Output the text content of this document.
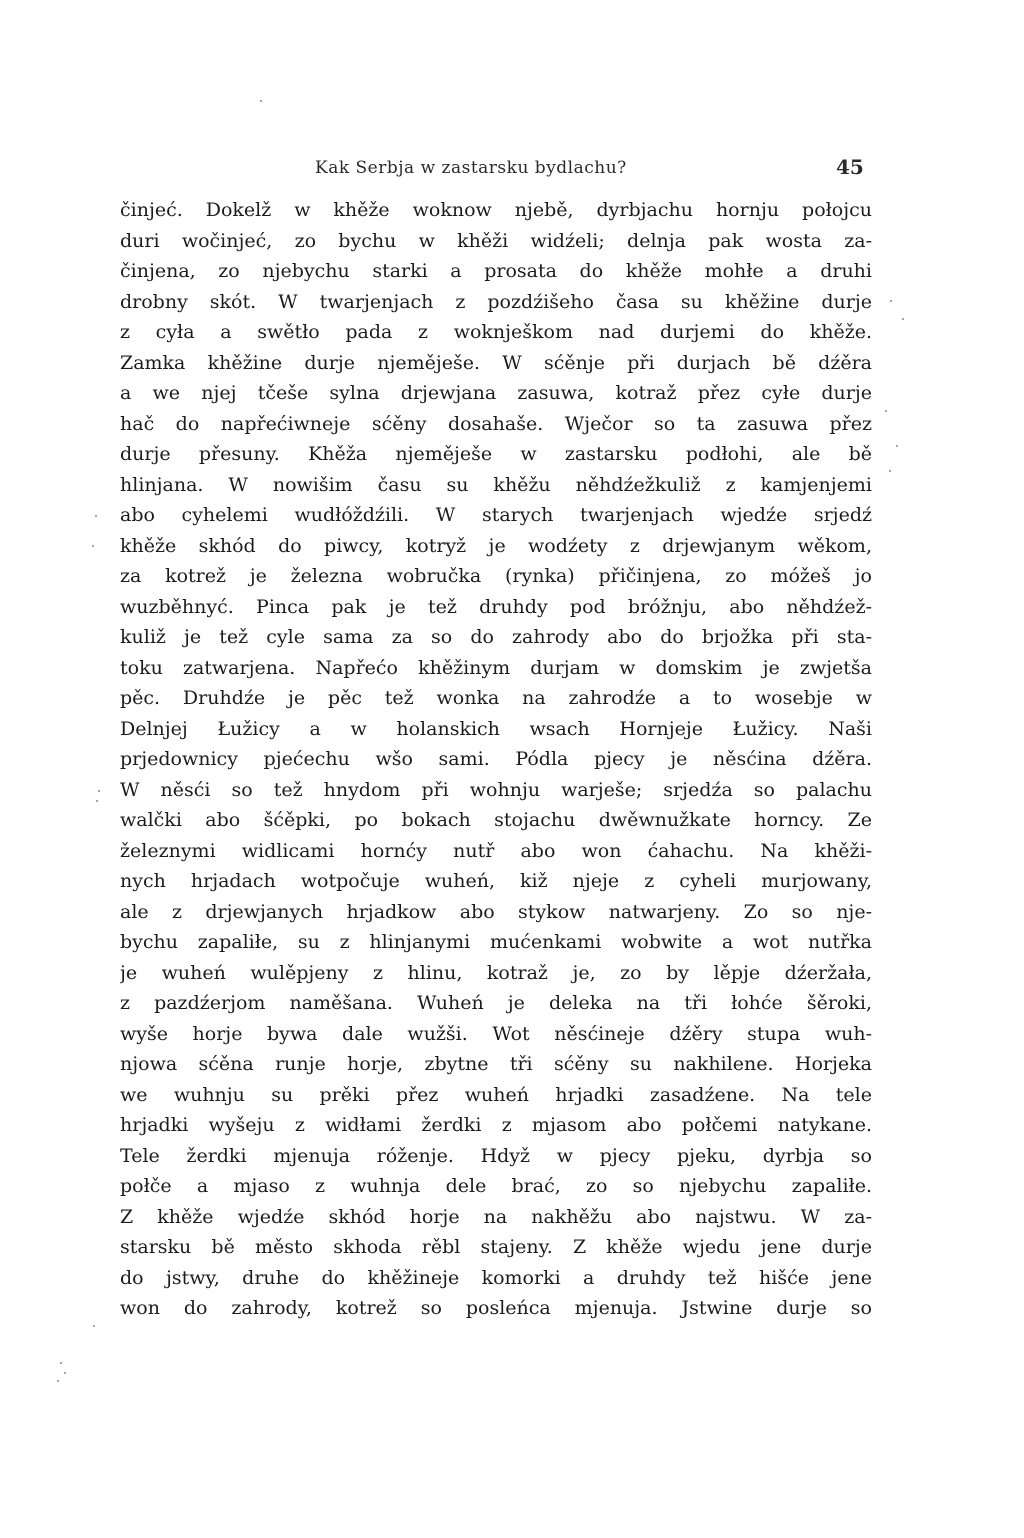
Kak Serbja w zastarsku bydlachu?	45
činjeć. Dokelž w khěže woknow njebě, dyrbjachu hornju połojcu
duri wočinjeć, zo bychu w khěži widźeli; delnja pak wosta za-
činjena, zo njebychu starki a prosata do khěže mohłe a druhi
drobny skót. W twarjenjach z pozdźišeho časa su khěžine durje
z cyła a swětło pada z woknješkom nad durjemi do khěže.
Zamka khěžine durje njeměješe. W sćěnje při durjach bě dźěra
a we njej tčeše sylna drjewjana zasuwa, kotraž přez cyłe durje
hač do napřećiwneje sćěny dosahaše. Wječor so ta zasuwa přez
durje přesuny. Khěža njeměješe w zastarsku podłohi, ale bě
hlinjana. W nowišim času su khěžu něhdźežkuliž z kamjenjemi
abo cyhelemi wudłóždźili. W starych twarjenjach wjedźe srjedź
khěže skhód do piwcy, kotryž je wodźety z drjewjanym wěkom,
za kotrež je železna wobručka (rynka) přičinjena, zo móžeš jo
wuzběhnyć. Pinca pak je tež druhdy pod bróžnju, abo něhdźež-
kuliž je tež cyle sama za so do zahrody abo do brjožka při sta-
toku zatwarjena. Napřećo khěžinym durjam w domskim je zwjetša
pěc. Druhdźe je pěc tež wonka na zahrodźe a to wosebje w
Delnjej Łužicy a w holanskich wsach Hornjeje Łužicy. Naši
prjedownicy pjećechu wšo sami. Pódla pjecy je něsćina dźěra.
W něsći so tež hnydom při wohnju warješe; srjedźa so palachu
walčki abo šćěpki, po bokach stojachu dwěwnužkate horncy. Ze
železnymi widlicami hornćy nutř abo won ćahachu. Na khěži-
nych hrjadach wotpočuje wuheń, kiž njeje z cyheli murjowany,
ale z drjewjanych hrjadkow abo stykow natwarjeny. Zo so nje-
bychu zapaliłe, su z hlinjanymi mućenkami wobwite a wot nutřka
je wuheń wulěpjeny z hlinu, kotraž je, zo by lěpje dźeržała,
z pazdźerjom naměšana. Wuheń je deleka na tři łohće šěroki,
wyše horje bywa dale wužši. Wot něsćineje dźěry stupa wuh-
njowa sćěna runje horje, zbytne tři sćěny su nakhilene. Horjeka
we wuhnju su prěki přez wuheń hrjadki zasadźene. Na tele
hrjadki wyšeju z widłami žerdki z mjasom abo połčemi natykane.
Tele žerdki mjenuja róženje. Hdyž w pjecy pjeku, dyrbja so
połče a mjaso z wuhnja dele brać, zo so njebychu zapaliłe.
Z khěže wjedźe skhód horje na nakhěžu abo najstwu. W za-
starsku bě město skhoda rěbl stajeny. Z khěže wjedu jene durje
do jstwy, druhe do khěžineje komorki a druhdy tež hišće jene
won do zahrody, kotrež so posleńca mjenuja. Jstwine durje so
